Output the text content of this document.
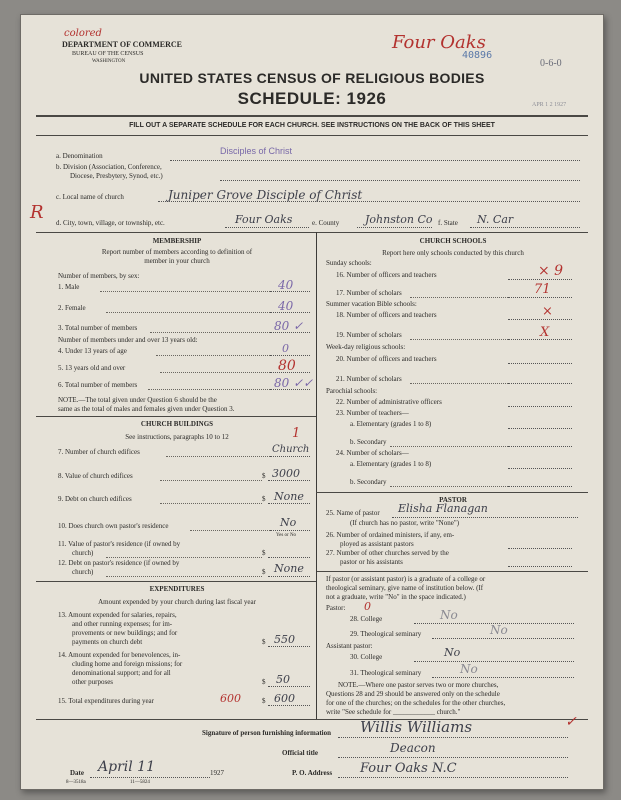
colored
DEPARTMENT OF COMMERCE
BUREAU OF THE CENSUS
WASHINGTON
Four Oaks
40896
0-6-0
UNITED STATES CENSUS OF RELIGIOUS BODIES
SCHEDULE: 1926	APR 1 2 1927
FILL OUT A SEPARATE SCHEDULE FOR EACH CHURCH. SEE INSTRUCTIONS ON THE BACK OF THIS SHEET
a. Denomination	Disciples of Christ
b. Division (Association, Conference,
Diocese, Presbytery, Synod, etc.)
c. Local name of church	Juniper Grove Disciple of Christ
R d. City, town, village, or township, etc.	Four Oaks	e. County Johnston Co f. State N. Car
MEMBERSHIP
Report number of members according to definition of
member in your church
Number of members, by sex:
1. Male	40
2. Female	40
3. Total number of members	80 ✓
Number of members under and over 13 years old:
4. Under 13 years of age	0
5. 13 years old and over	80
6. Total number of members	80 ✓✓
NOTE.—The total given under Question 6 should be the
same as the total of males and females given under Question 3.
CHURCH BUILDINGS
See instructions, paragraphs 10 to 12
7. Number of church edifices	Church
1
8. Value of church edifices	$ 3000
9. Debt on church edifices	$ None
10. Does church own pastor's residence	No
Yes or No
11. Value of pastor's residence (if owned by
church)	$
12. Debt on pastor's residence (if owned by
church)	$ None
EXPENDITURES
Amount expended by your church during last fiscal year
13. Amount expended for salaries, repairs,
and other running expenses; for im-
provements or new buildings; and for
payments on church debt	$ 550
14. Amount expended for benevolences, in-
cluding home and foreign missions; for
denominational support; and for all
other purposes	$ 50
15. Total expenditures during year	600	$ 600
CHURCH SCHOOLS
Report here only schools conducted by this church
Sunday schools:
16. Number of officers and teachers	× 9
17. Number of scholars	71
Summer vacation Bible schools:
18. Number of officers and teachers	×
19. Number of scholars	X
Week-day religious schools:
20. Number of officers and teachers
21. Number of scholars
Parochial schools:
22. Number of administrative officers
23. Number of teachers—
a. Elementary (grades 1 to 8)
b. Secondary
24. Number of scholars—
a. Elementary (grades 1 to 8)
b. Secondary
PASTOR
25. Name of pastor Elisha Flanagan
(If church has no pastor, write "None")
26. Number of ordained ministers, if any, em-
ployed as assistant pastors
27. Number of other churches served by the
pastor or his assistants
If pastor (or assistant pastor) is a graduate of a college or
theological seminary, give name of institution below. (If
not a graduate, write "No" in the space indicated.)
Pastor: 0
28. College	No
29. Theological seminary	No
Assistant pastor:
30. College	No
31. Theological seminary	No
NOTE.—Where one pastor serves two or more churches,
Questions 28 and 29 should be answered only on the schedule
for one of the churches; on the schedules for the other churches,
write "See schedule for ____________ church."
✓
Signature of person furnishing information Willis Williams
Official title	Deacon
Date April 11	1927	P. O. Address Four Oaks N.C
8—3518a	11—5824
